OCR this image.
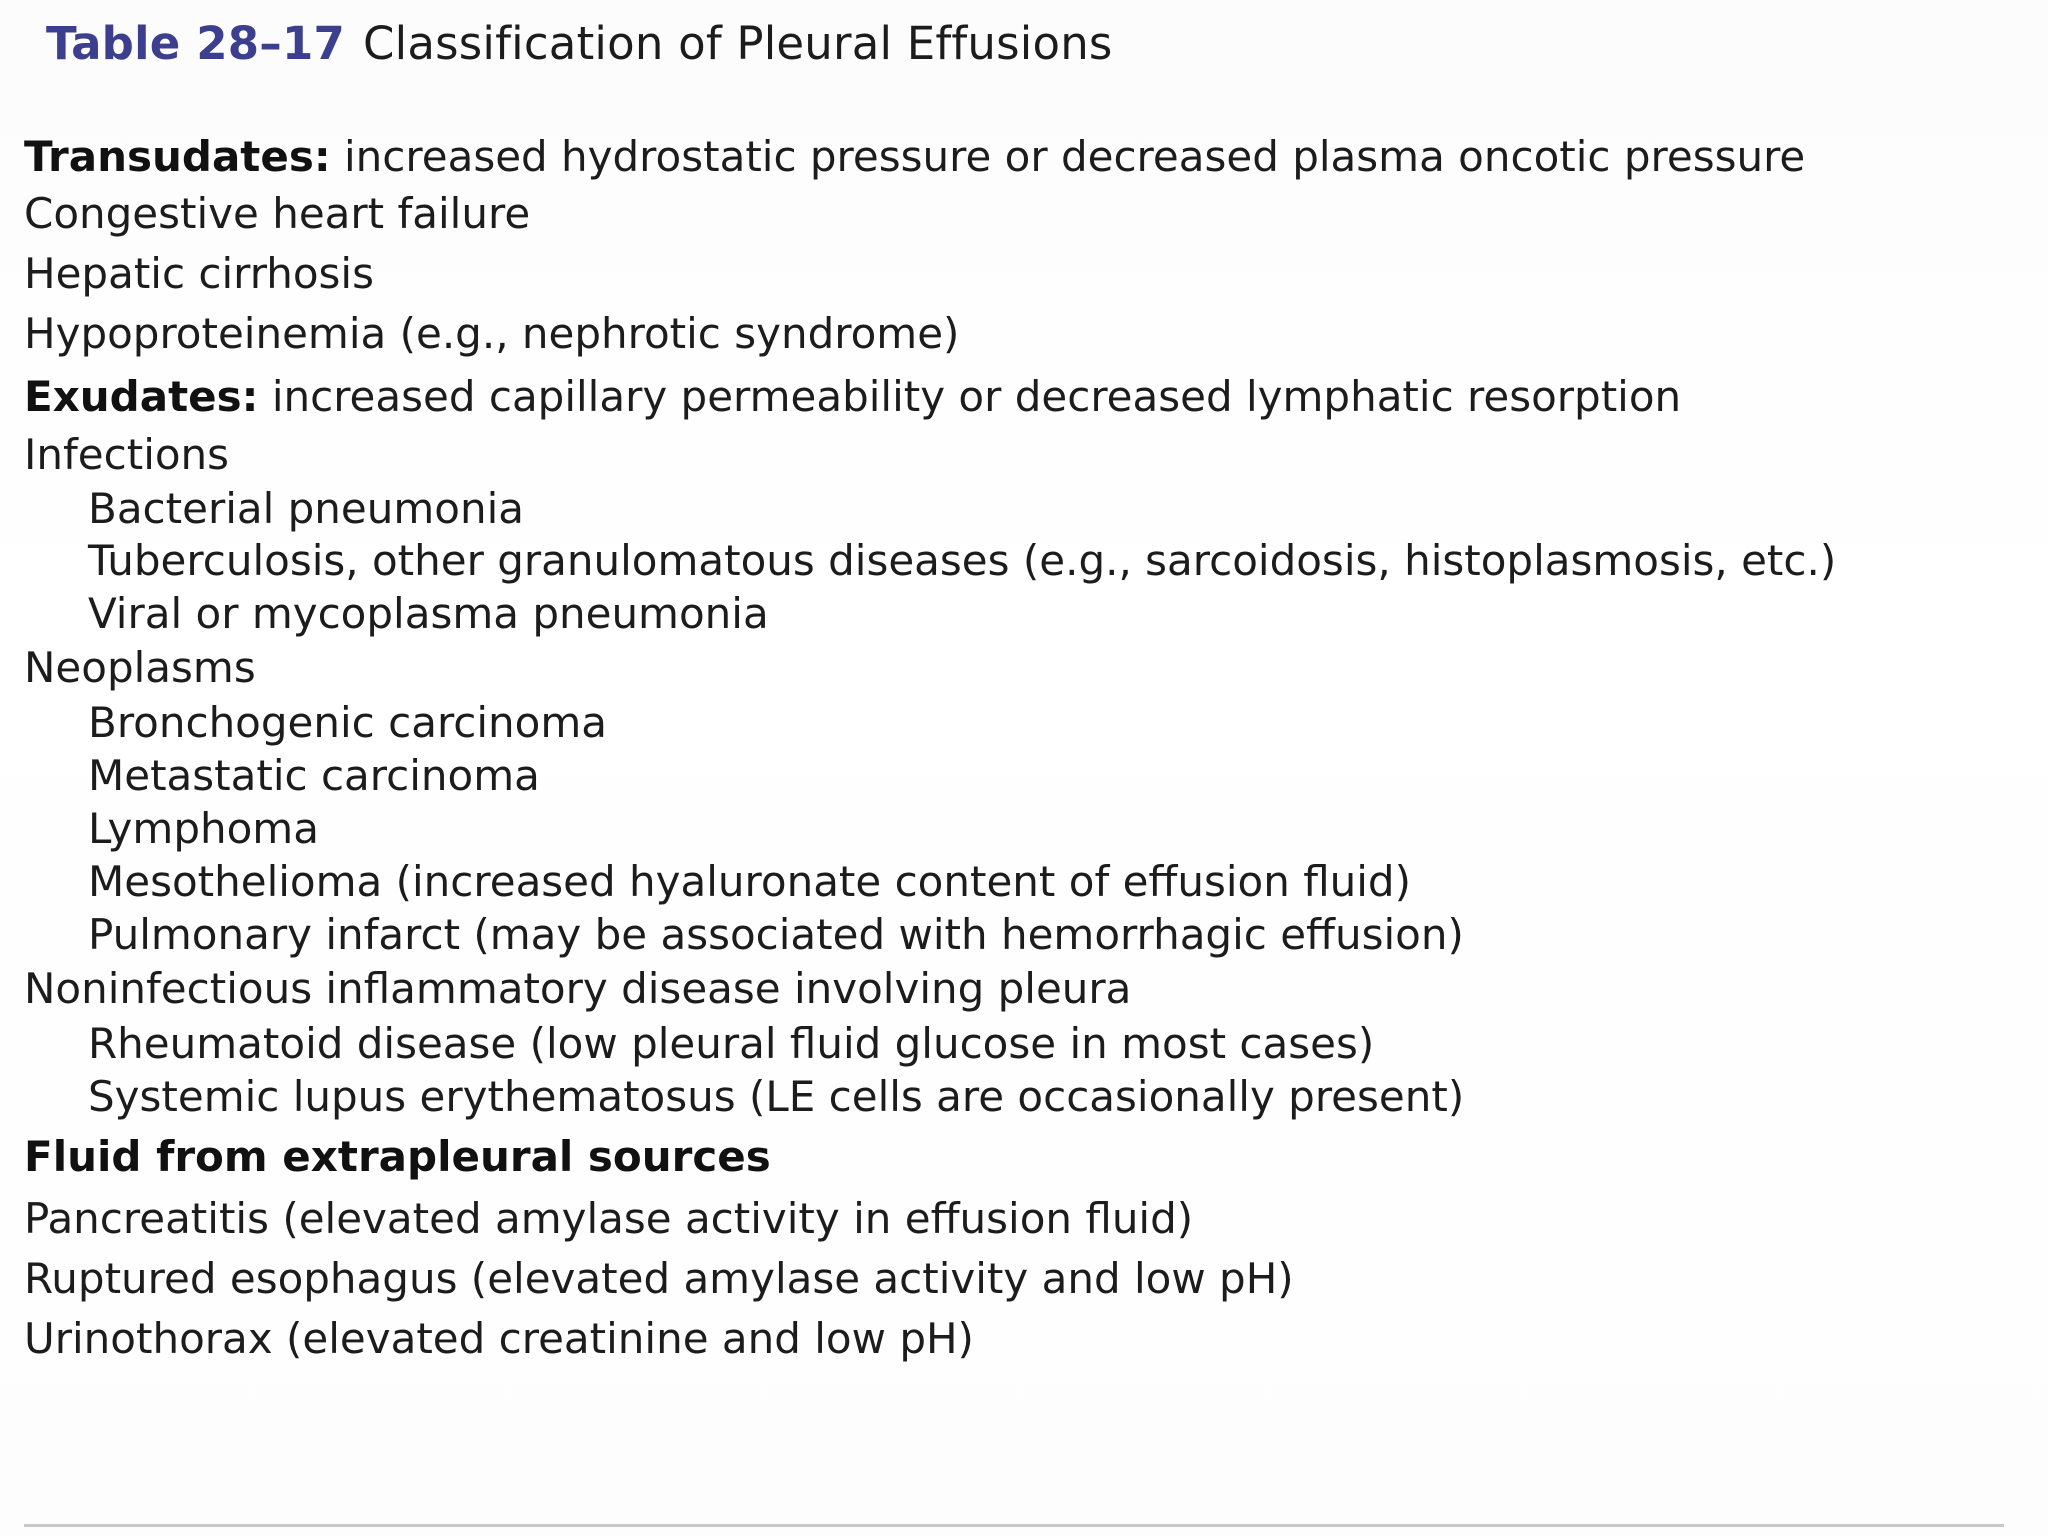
Table 28–17 Classification of Pleural Effusions
Transudates: increased hydrostatic pressure or decreased plasma oncotic pressure
Congestive heart failure
Hepatic cirrhosis
Hypoproteinemia (e.g., nephrotic syndrome)
Exudates: increased capillary permeability or decreased lymphatic resorption
Infections
Bacterial pneumonia
Tuberculosis, other granulomatous diseases (e.g., sarcoidosis, histoplasmosis, etc.)
Viral or mycoplasma pneumonia
Neoplasms
Bronchogenic carcinoma
Metastatic carcinoma
Lymphoma
Mesothelioma (increased hyaluronate content of effusion fluid)
Pulmonary infarct (may be associated with hemorrhagic effusion)
Noninfectious inflammatory disease involving pleura
Rheumatoid disease (low pleural fluid glucose in most cases)
Systemic lupus erythematosus (LE cells are occasionally present)
Fluid from extrapleural sources
Pancreatitis (elevated amylase activity in effusion fluid)
Ruptured esophagus (elevated amylase activity and low pH)
Urinothorax (elevated creatinine and low pH)
